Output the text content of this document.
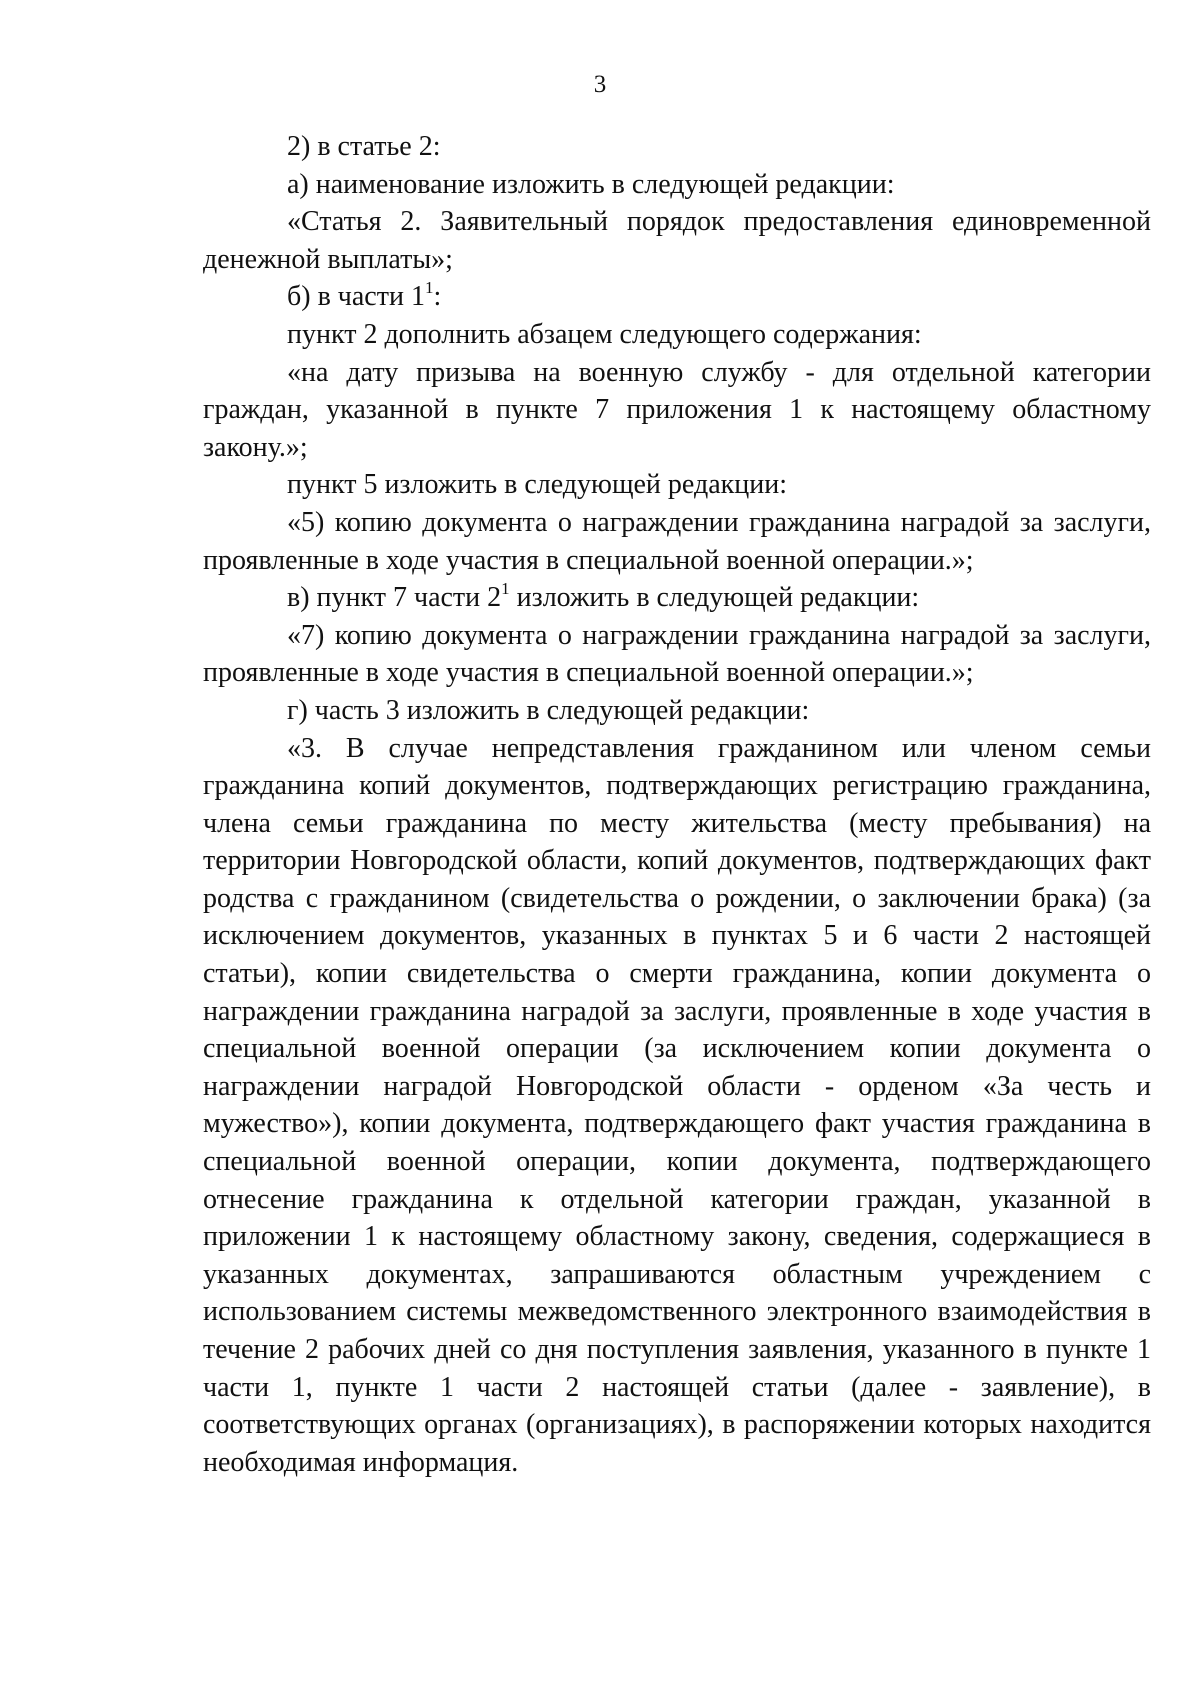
3

2) в статье 2:

а) наименование изложить в следующей редакции:

«Статья 2. Заявительный порядок предоставления единовременной денежной выплаты»;

б) в части $1^1$:

пункт 2 дополнить абзацем следующего содержания:

«на дату призыва на военную службу - для отдельной категории граждан, указанной в пункте 7 приложения 1 к настоящему областному закону.»;

пункт 5 изложить в следующей редакции:

«5) копию документа о награждении гражданина наградой за заслуги, проявленные в ходе участия в специальной военной операции.»;

в) пункт 7 части $2^1$ изложить в следующей редакции:

«7) копию документа о награждении гражданина наградой за заслуги, проявленные в ходе участия в специальной военной операции.»;

г) часть 3 изложить в следующей редакции:

«3. В случае непредставления гражданином или членом семьи гражданина копий документов, подтверждающих регистрацию гражданина, члена семьи гражданина по месту жительства (месту пребывания) на территории Новгородской области, копий документов, подтверждающих факт родства с гражданином (свидетельства о рождении, о заключении брака) (за исключением документов, указанных в пунктах 5 и 6 части 2 настоящей статьи), копии свидетельства о смерти гражданина, копии документа о награждении гражданина наградой за заслуги, проявленные в ходе участия в специальной военной операции (за исключением копии документа о награждении наградой Новгородской области - орденом «За честь и мужество»), копии документа, подтверждающего факт участия гражданина в специальной военной операции, копии документа, подтверждающего отнесение гражданина к отдельной категории граждан, указанной в приложении 1 к настоящему областному закону, сведения, содержащиеся в указанных документах, запрашиваются областным учреждением с использованием системы межведомственного электронного взаимодействия в течение 2 рабочих дней со дня поступления заявления, указанного в пункте 1 части 1, пункте 1 части 2 настоящей статьи (далее - заявление), в соответствующих органах (организациях), в распоряжении которых находится необходимая информация.
